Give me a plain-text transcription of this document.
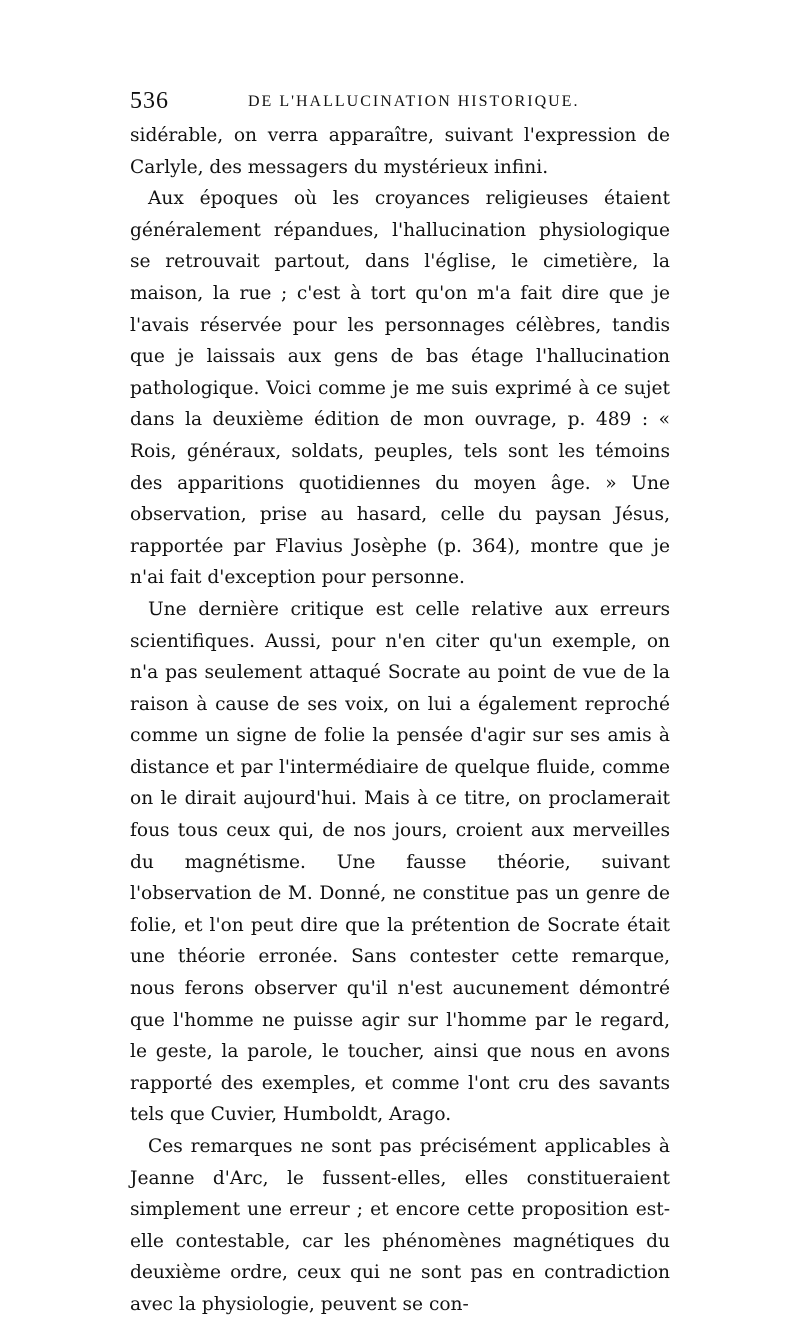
536	DE L'HALLUCINATION HISTORIQUE.

sidérable, on verra apparaître, suivant l'expression de Carlyle, des messagers du mystérieux infini.

Aux époques où les croyances religieuses étaient généralement répandues, l'hallucination physiologique se retrouvait partout, dans l'église, le cimetière, la maison, la rue ; c'est à tort qu'on m'a fait dire que je l'avais réservée pour les personnages célèbres, tandis que je laissais aux gens de bas étage l'hallucination pathologique. Voici comme je me suis exprimé à ce sujet dans la deuxième édition de mon ouvrage, p. 489 : « Rois, généraux, soldats, peuples, tels sont les témoins des apparitions quotidiennes du moyen âge. » Une observation, prise au hasard, celle du paysan Jésus, rapportée par Flavius Josèphe (p. 364), montre que je n'ai fait d'exception pour personne.

Une dernière critique est celle relative aux erreurs scientifiques. Aussi, pour n'en citer qu'un exemple, on n'a pas seulement attaqué Socrate au point de vue de la raison à cause de ses voix, on lui a également reproché comme un signe de folie la pensée d'agir sur ses amis à distance et par l'intermédiaire de quelque fluide, comme on le dirait aujourd'hui. Mais à ce titre, on proclamerait fous tous ceux qui, de nos jours, croient aux merveilles du magnétisme. Une fausse théorie, suivant l'observation de M. Donné, ne constitue pas un genre de folie, et l'on peut dire que la prétention de Socrate était une théorie erronée. Sans contester cette remarque, nous ferons observer qu'il n'est aucunement démontré que l'homme ne puisse agir sur l'homme par le regard, le geste, la parole, le toucher, ainsi que nous en avons rapporté des exemples, et comme l'ont cru des savants tels que Cuvier, Humboldt, Arago.

Ces remarques ne sont pas précisément applicables à Jeanne d'Arc, le fussent-elles, elles constitueraient simplement une erreur ; et encore cette proposition est-elle contestable, car les phénomènes magnétiques du deuxième ordre, ceux qui ne sont pas en contradiction avec la physiologie, peuvent se con-
